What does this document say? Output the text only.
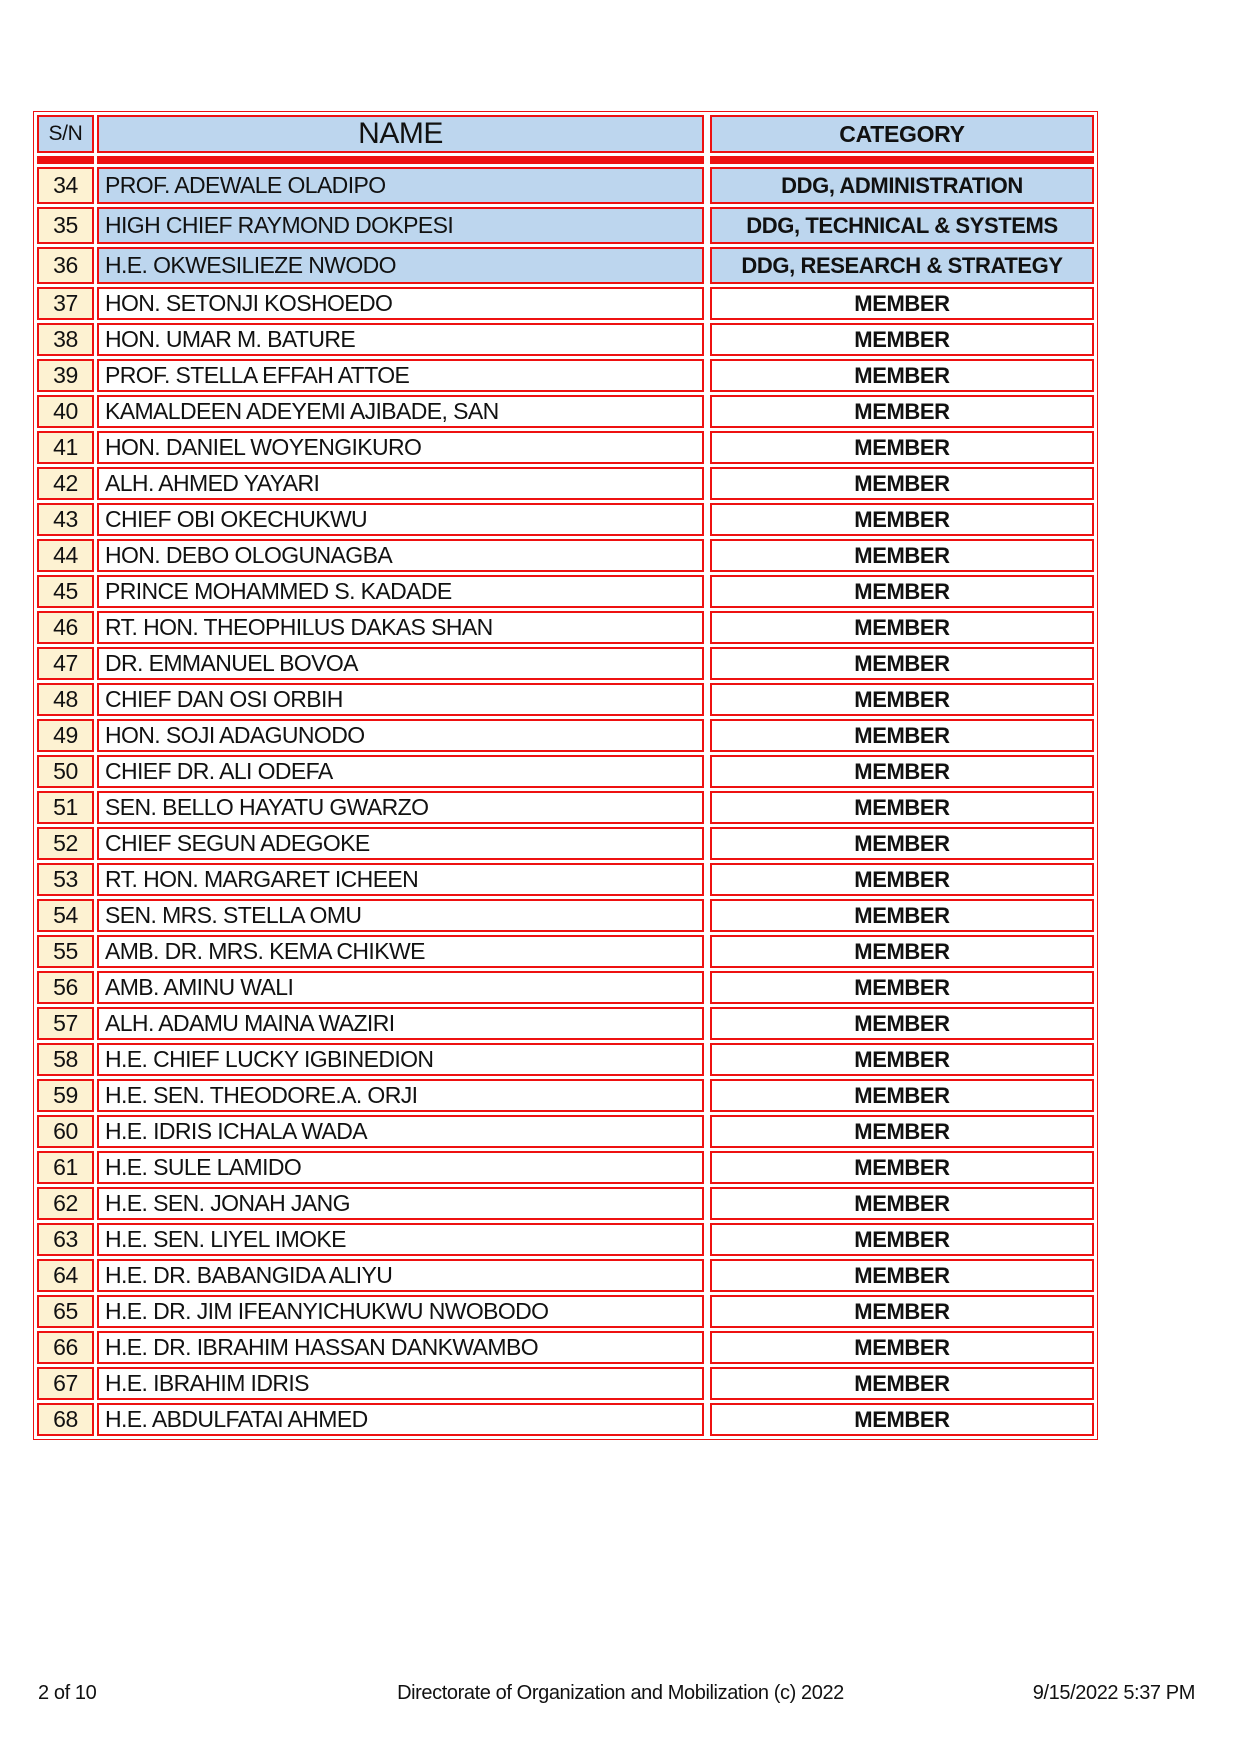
S/N	NAME		CATEGORY

34	PROF. ADEWALE OLADIPO		DDG, ADMINISTRATION
35	HIGH CHIEF RAYMOND DOKPESI		DDG, TECHNICAL & SYSTEMS
36	H.E. OKWESILIEZE NWODO		DDG, RESEARCH & STRATEGY
37	HON. SETONJI KOSHOEDO		MEMBER
38	HON. UMAR M. BATURE		MEMBER
39	PROF. STELLA EFFAH ATTOE		MEMBER
40	KAMALDEEN ADEYEMI AJIBADE, SAN		MEMBER
41	HON. DANIEL WOYENGIKURO		MEMBER
42	ALH. AHMED YAYARI		MEMBER
43	CHIEF OBI OKECHUKWU		MEMBER
44	HON. DEBO OLOGUNAGBA		MEMBER
45	PRINCE MOHAMMED S. KADADE		MEMBER
46	RT. HON. THEOPHILUS DAKAS SHAN		MEMBER
47	DR. EMMANUEL BOVOA		MEMBER
48	CHIEF DAN OSI ORBIH		MEMBER
49	HON. SOJI ADAGUNODO		MEMBER
50	CHIEF DR. ALI ODEFA		MEMBER
51	SEN. BELLO HAYATU GWARZO		MEMBER
52	CHIEF SEGUN ADEGOKE		MEMBER
53	RT. HON. MARGARET ICHEEN		MEMBER
54	SEN. MRS. STELLA OMU		MEMBER
55	AMB. DR. MRS. KEMA CHIKWE		MEMBER
56	AMB. AMINU WALI		MEMBER
57	ALH. ADAMU MAINA WAZIRI		MEMBER
58	H.E. CHIEF LUCKY IGBINEDION		MEMBER
59	H.E. SEN. THEODORE.A. ORJI		MEMBER
60	H.E. IDRIS ICHALA WADA		MEMBER
61	H.E. SULE LAMIDO		MEMBER
62	H.E. SEN. JONAH JANG		MEMBER
63	H.E. SEN. LIYEL IMOKE		MEMBER
64	H.E. DR. BABANGIDA ALIYU		MEMBER
65	H.E. DR. JIM IFEANYICHUKWU NWOBODO		MEMBER
66	H.E. DR. IBRAHIM HASSAN DANKWAMBO		MEMBER
67	H.E. IBRAHIM IDRIS		MEMBER
68	H.E. ABDULFATAI AHMED		MEMBER
2 of 10	Directorate of Organization and Mobilization (c) 2022	9/15/2022 5:37 PM
